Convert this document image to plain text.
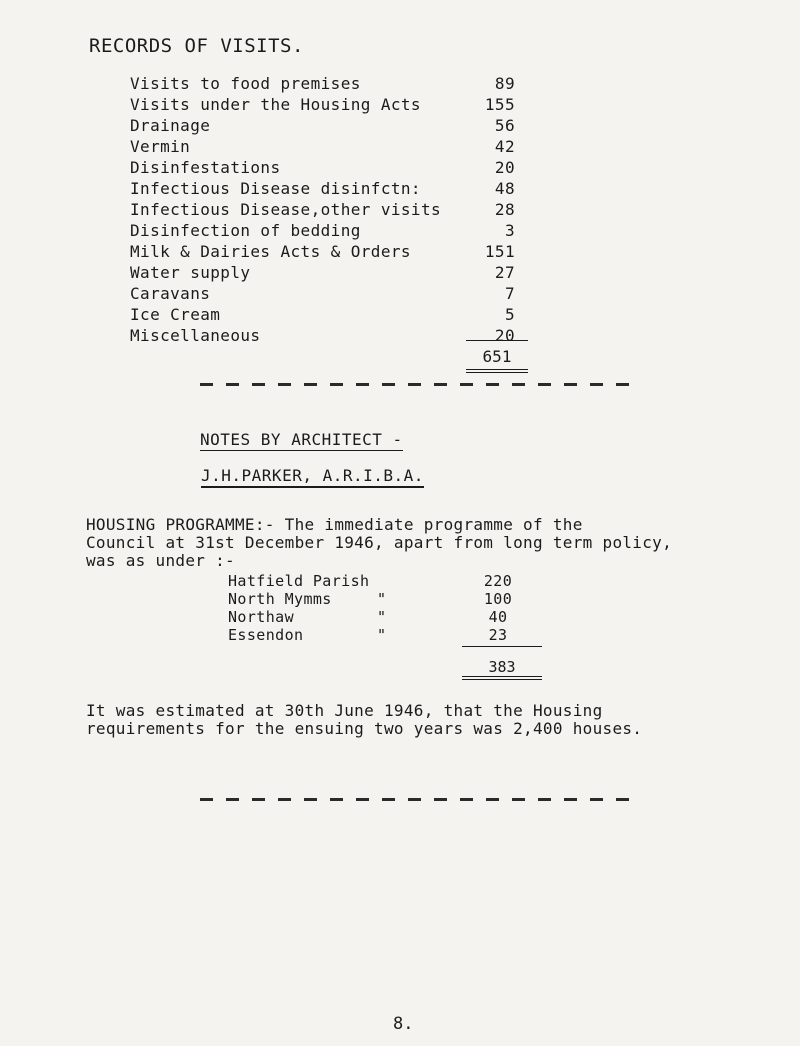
RECORDS OF VISITS.
Visits to food premises	89
Visits under the Housing Acts	155
Drainage	56
Vermin	42
Disinfestations	20
Infectious Disease disinfctn:	48
Infectious Disease,other visits	28
Disinfection of bedding	3
Milk & Dairies Acts & Orders	151
Water supply	27
Caravans	7
Ice Cream	5
Miscellaneous	20
651
NOTES BY ARCHITECT -
J.H.PARKER, A.R.I.B.A.
HOUSING PROGRAMME:- The immediate programme of the
Council at 31st December 1946, apart from long term policy,
was as under :-
Hatfield Parish	220
North Mymms	"	100
Northaw	"	40
Essendon	"	23
383
It was estimated at 30th June 1946, that the Housing
requirements for the ensuing two years was 2,400 houses.
8.
